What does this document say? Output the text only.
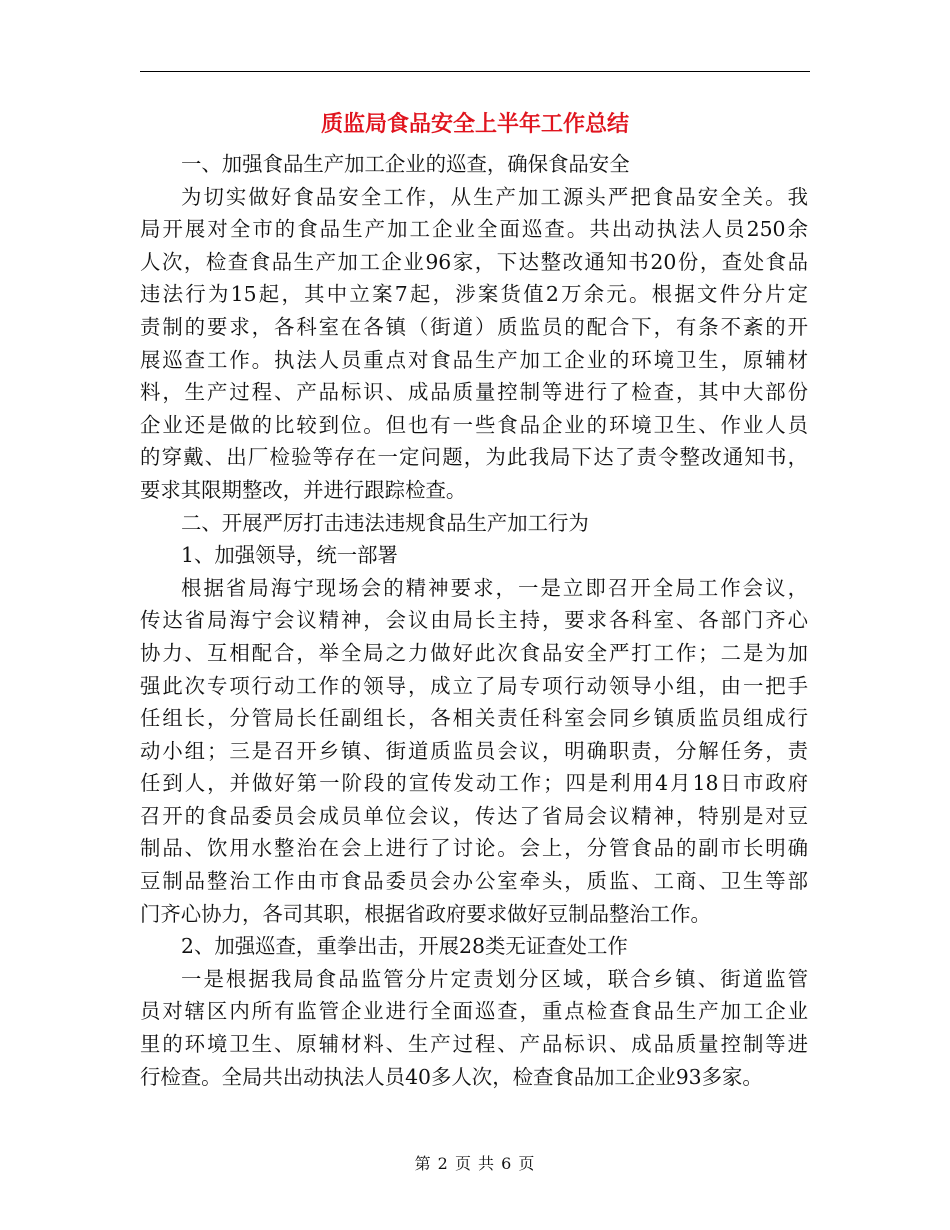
质监局食品安全上半年工作总结
一、加强食品生产加工企业的巡查，确保食品安全
为切实做好食品安全工作，从生产加工源头严把食品安全关。我
局开展对全市的食品生产加工企业全面巡查。共出动执法人员250余
人次，检查食品生产加工企业96家，下达整改通知书20份，查处食品
违法行为15起，其中立案7起，涉案货值2万余元。根据文件分片定
责制的要求，各科室在各镇（街道）质监员的配合下，有条不紊的开
展巡查工作。执法人员重点对食品生产加工企业的环境卫生，原辅材
料，生产过程、产品标识、成品质量控制等进行了检查，其中大部份
企业还是做的比较到位。但也有一些食品企业的环境卫生、作业人员
的穿戴、出厂检验等存在一定问题，为此我局下达了责令整改通知书，
要求其限期整改，并进行跟踪检查。
二、开展严厉打击违法违规食品生产加工行为
1、加强领导，统一部署
根据省局海宁现场会的精神要求，一是立即召开全局工作会议，
传达省局海宁会议精神，会议由局长主持，要求各科室、各部门齐心
协力、互相配合，举全局之力做好此次食品安全严打工作；二是为加
强此次专项行动工作的领导，成立了局专项行动领导小组，由一把手
任组长，分管局长任副组长，各相关责任科室会同乡镇质监员组成行
动小组；三是召开乡镇、街道质监员会议，明确职责，分解任务，责
任到人，并做好第一阶段的宣传发动工作；四是利用4月18日市政府
召开的食品委员会成员单位会议，传达了省局会议精神，特别是对豆
制品、饮用水整治在会上进行了讨论。会上，分管食品的副市长明确
豆制品整治工作由市食品委员会办公室牵头，质监、工商、卫生等部
门齐心协力，各司其职，根据省政府要求做好豆制品整治工作。
2、加强巡查，重拳出击，开展28类无证查处工作
一是根据我局食品监管分片定责划分区域，联合乡镇、街道监管
员对辖区内所有监管企业进行全面巡查，重点检查食品生产加工企业
里的环境卫生、原辅材料、生产过程、产品标识、成品质量控制等进
行检查。全局共出动执法人员40多人次，检查食品加工企业93多家。
第 2 页 共 6 页
